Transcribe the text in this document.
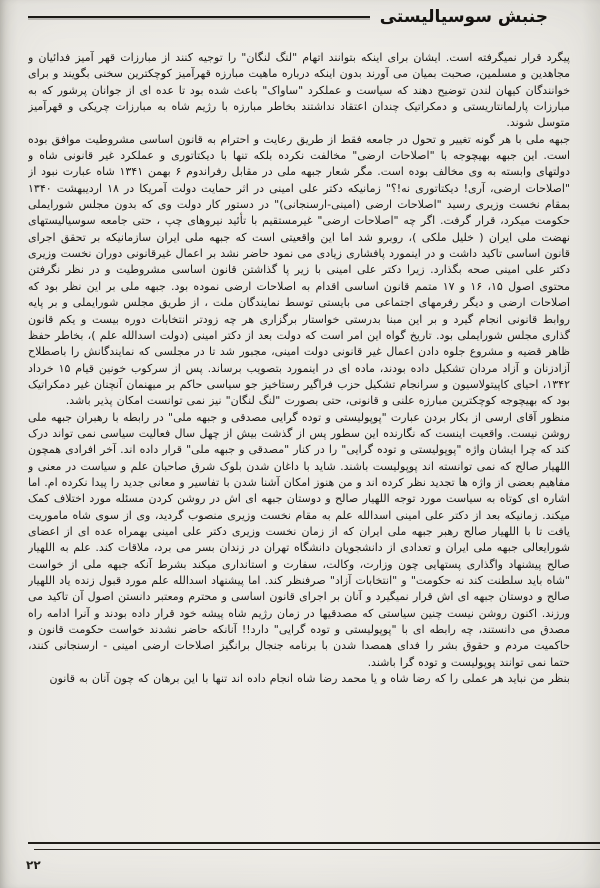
جنبش سوسیالیستی

پیگرد قرار نمیگرفته است. ایشان برای اینکه بتوانند اتهام "لنگ لنگان" را توجیه کنند از مبارزات قهر آمیز فدائیان و مجاهدین و مسلمین، صحبت بمیان می آورند بدون اینکه درباره ماهیت مبارزه قهرآمیز کوچکترین سخنی بگویند و برای خوانندگان کیهان لندن توضیح دهند که سیاست و عملکرد "ساواک" باعث شده بود تا عده ای از جوانان پرشور که به مبارزات پارلمانتاریستی و دمکراتیک چندان اعتقاد نداشتند بخاطر مبارزه با رژیم شاه به مبارزات چریکی و قهرآمیز متوسل شوند.

جبهه ملی با هر گونه تغییر و تحول در جامعه فقط از طریق رعایت و احترام به قانون اساسی مشروطیت موافق بوده است. این جبهه بهیچوجه با "اصلاحات ارضی" مخالفت نکرده بلکه تنها با دیکتاتوری و عملکرد غیر قانونی شاه و دولتهای وابسته به وی مخالف بوده است. مگر شعار جبهه ملی در مقابل رفراندوم ۶ بهمن ۱۳۴۱ شاه عبارت نبود از "اصلاحات ارضی، آری! دیکتاتوری نه!؟" زمانیکه دکتر علی امینی در اثر حمایت دولت آمریکا در ۱۸ اردیبهشت ۱۳۴۰ بمقام نخست وزیری رسید "اصلاحات ارضی (امینی‌-ارسنجانی)" در دستور کار دولت وی که بدون مجلس شورایملی حکومت میکرد، قرار گرفت. اگر چه "اصلاحات ارضی" غیرمستقیم با تأئید نیروهای چپ ، حتی جامعه سوسیالیستهای نهضت ملی ایران ( خلیل ملکی )، روبرو شد اما این واقعیتی است که جبهه ملی ایران سازمانیکه بر تحقق اجرای قانون اساسی تاکید داشت و در اینمورد پافشاری زیادی می نمود حاضر نشد بر اعمال غیرقانونی دوران نخست وزیری دکتر علی امینی صحه بگذارد. زیرا دکتر علی امینی با زیر پا گذاشتن قانون اساسی مشروطیت و در نظر نگرفتن محتوی اصول ۱۵، ۱۶ و ۱۷ متمم قانون اساسی اقدام به اصلاحات ارضی نموده بود. جبهه ملی بر این نظر بود که اصلاحات ارضی و دیگر رفرمهای اجتماعی می بایستی توسط نمایندگان ملت ، از طریق مجلس شورایملی و بر پایه روابط قانونی انجام گیرد و بر این مبنا بدرستی خواستار برگزاری هر چه زودتر انتخابات دوره بیست و یکم قانون گذاری مجلس شورایملی بود. تاریخ گواه این امر است که دولت بعد از دکتر امینی (دولت اسدالله علم )، بخاطر حفظ ظاهر قضیه و مشروع جلوه دادن اعمال غیر قانونی دولت امینی، مجبور شد تا در مجلسی که نمایندگانش را باصطلاح آزادزنان و آزاد مردان تشکیل داده بودند، ماده ای در اینمورد بتصویب برساند. پس از سرکوب خونین قیام ۱۵ خرداد ۱۳۴۲، احیای کاپیتولاسیون و سرانجام تشکیل حزب فراگیر رستاخیز جو سیاسی حاکم بر میهنمان آنچنان غیر دمکراتیک بود که بهیچوجه کوچکترین مبارزه علنی و قانونی، حتی بصورت "لنگ لنگان" نیز نمی توانست امکان پذیر باشد.

منظور آقای ارسی از بکار بردن عبارت "پوپولیستی و توده گرایی مصدقی و جبهه ملی" در رابطه با رهبران جبهه ملی روشن نیست. واقعیت اینست که نگارنده این سطور پس از گذشت بیش از چهل سال فعالیت سیاسی نمی تواند درک کند که چرا ایشان واژه "پوپولیستی و توده گرایی" را در کنار "مصدقی و جبهه ملی" قرار داده اند. آخر افرادی همچون اللهیار صالح که نمی توانسته اند پوپولیست باشند. شاید با داغان شدن بلوک شرق صاحبان علم و سیاست در معنی و مفاهیم بعضی از واژه ها تجدید نظر کرده اند و من هنوز امکان آشنا شدن با تفاسیر و معانی جدید را پیدا نکرده ام. اما اشاره ای کوتاه به سیاست مورد توجه اللهیار صالح و دوستان جبهه ای اش در روشن کردن مسئله مورد اختلاف کمک میکند. زمانیکه بعد از دکتر علی امینی اسدالله علم به مقام نخست وزیری منصوب گردید، وی از سوی شاه ماموریت یافت تا با اللهیار صالح رهبر جبهه ملی ایران که از زمان نخست وزیری دکتر علی امینی بهمراه عده ای از اعضای شورایعالی جبهه ملی ایران و تعدادی از دانشجویان دانشگاه تهران در زندان بسر می برد، ملاقات کند. علم به اللهیار صالح پیشنهاد واگذاری پستهایی چون وزارت، وکالت، سفارت و استانداری میکند بشرط آنکه جبهه ملی از خواست "شاه باید سلطنت کند نه حکومت" و "انتخابات آزاد" صرفنظر کند. اما پیشنهاد اسدالله علم مورد قبول زنده یاد اللهیار صالح و دوستان جبهه ای اش قرار نمیگیرد و آنان بر اجرای قانون اساسی و محترم ومعتبر دانستن اصول آن تاکید می ورزند. اکنون روشن نیست چنین سیاستی که مصدقیها در زمان رژیم شاه پیشه خود قرار داده بودند و آنرا ادامه راه مصدق می دانستند، چه رابطه ای با "پوپولیستی و توده گرایی" دارد!! آنانکه حاضر نشدند خواست حکومت قانون و حاکمیت مردم و حقوق بشر را فدای همصدا شدن با برنامه جنجال برانگیز اصلاحات ارضی امینی - ارسنجانی کنند، حتما نمی توانند پوپولیست و توده گرا باشند.

بنظر من نباید هر عملی را که رضا شاه و یا محمد رضا شاه انجام داده اند تنها با این برهان که چون آنان به قانون

۲۲
